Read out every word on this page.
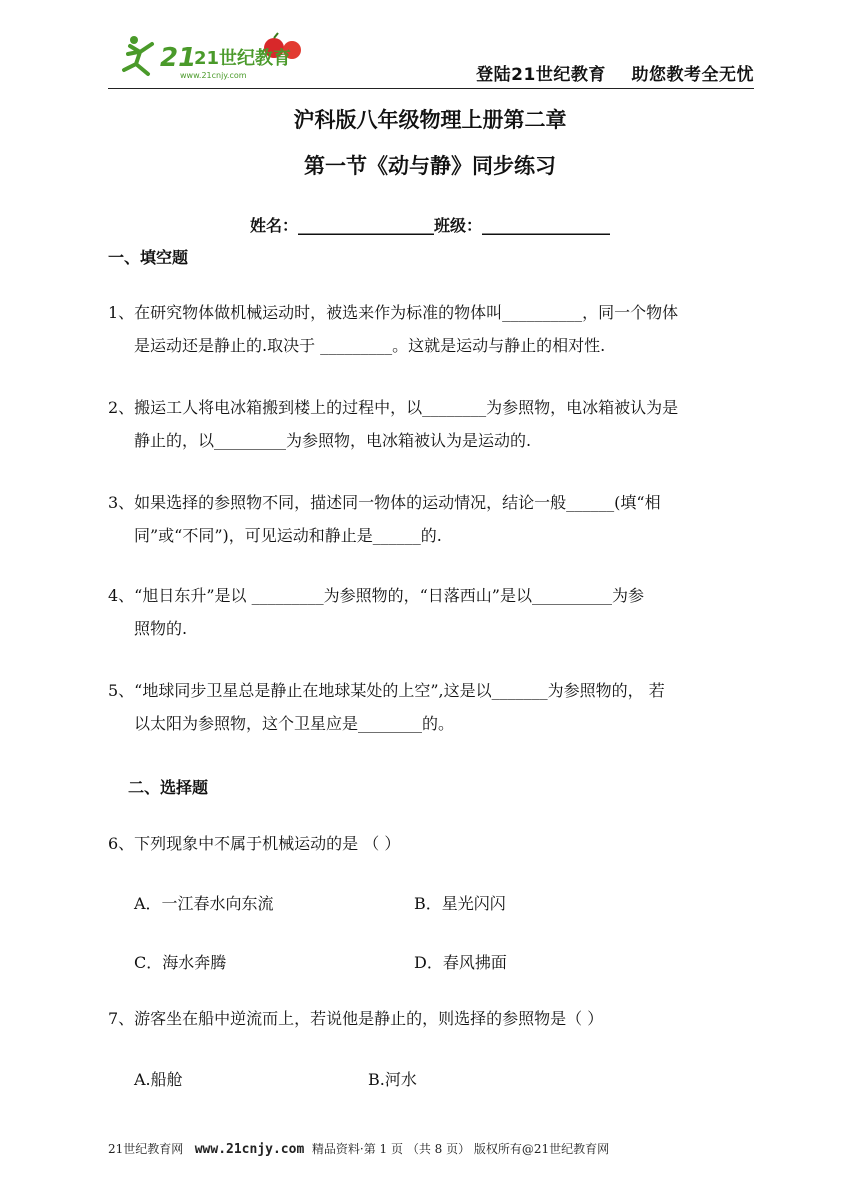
21
21世纪教育
www.21cnjy.com	登陆21世纪教育    助您教考全无忧
沪科版八年级物理上册第二章
第一节《动与静》同步练习
姓名：_________________班级：________________
一、填空题
1、在研究物体做机械运动时，被选来作为标准的物体叫__________，同一个物体
是运动还是静止的.取决于 _________。这就是运动与静止的相对性.
2、搬运工人将电冰箱搬到楼上的过程中，以________为参照物，电冰箱被认为是
静止的，以_________为参照物，电冰箱被认为是运动的.
3、如果选择的参照物不同，描述同一物体的运动情况，结论一般______(填“相
同”或“不同”)，可见运动和静止是______的.
4、“旭日东升”是以 _________为参照物的，“日落西山”是以__________为参
照物的.
5、“地球同步卫星总是静止在地球某处的上空”,这是以_______为参照物的， 若
以太阳为参照物，这个卫星应是________的。
二、选择题
6、下列现象中不属于机械运动的是 （ ）
A．一江春水向东流	B．星光闪闪
C．海水奔腾	D．春风拂面
7、游客坐在船中逆流而上，若说他是静止的，则选择的参照物是（ ）
A.船舱	B.河水
21世纪教育网   www.21cnjy.com  精品资料·第 1 页 （共 8 页） 版权所有@21世纪教育网
